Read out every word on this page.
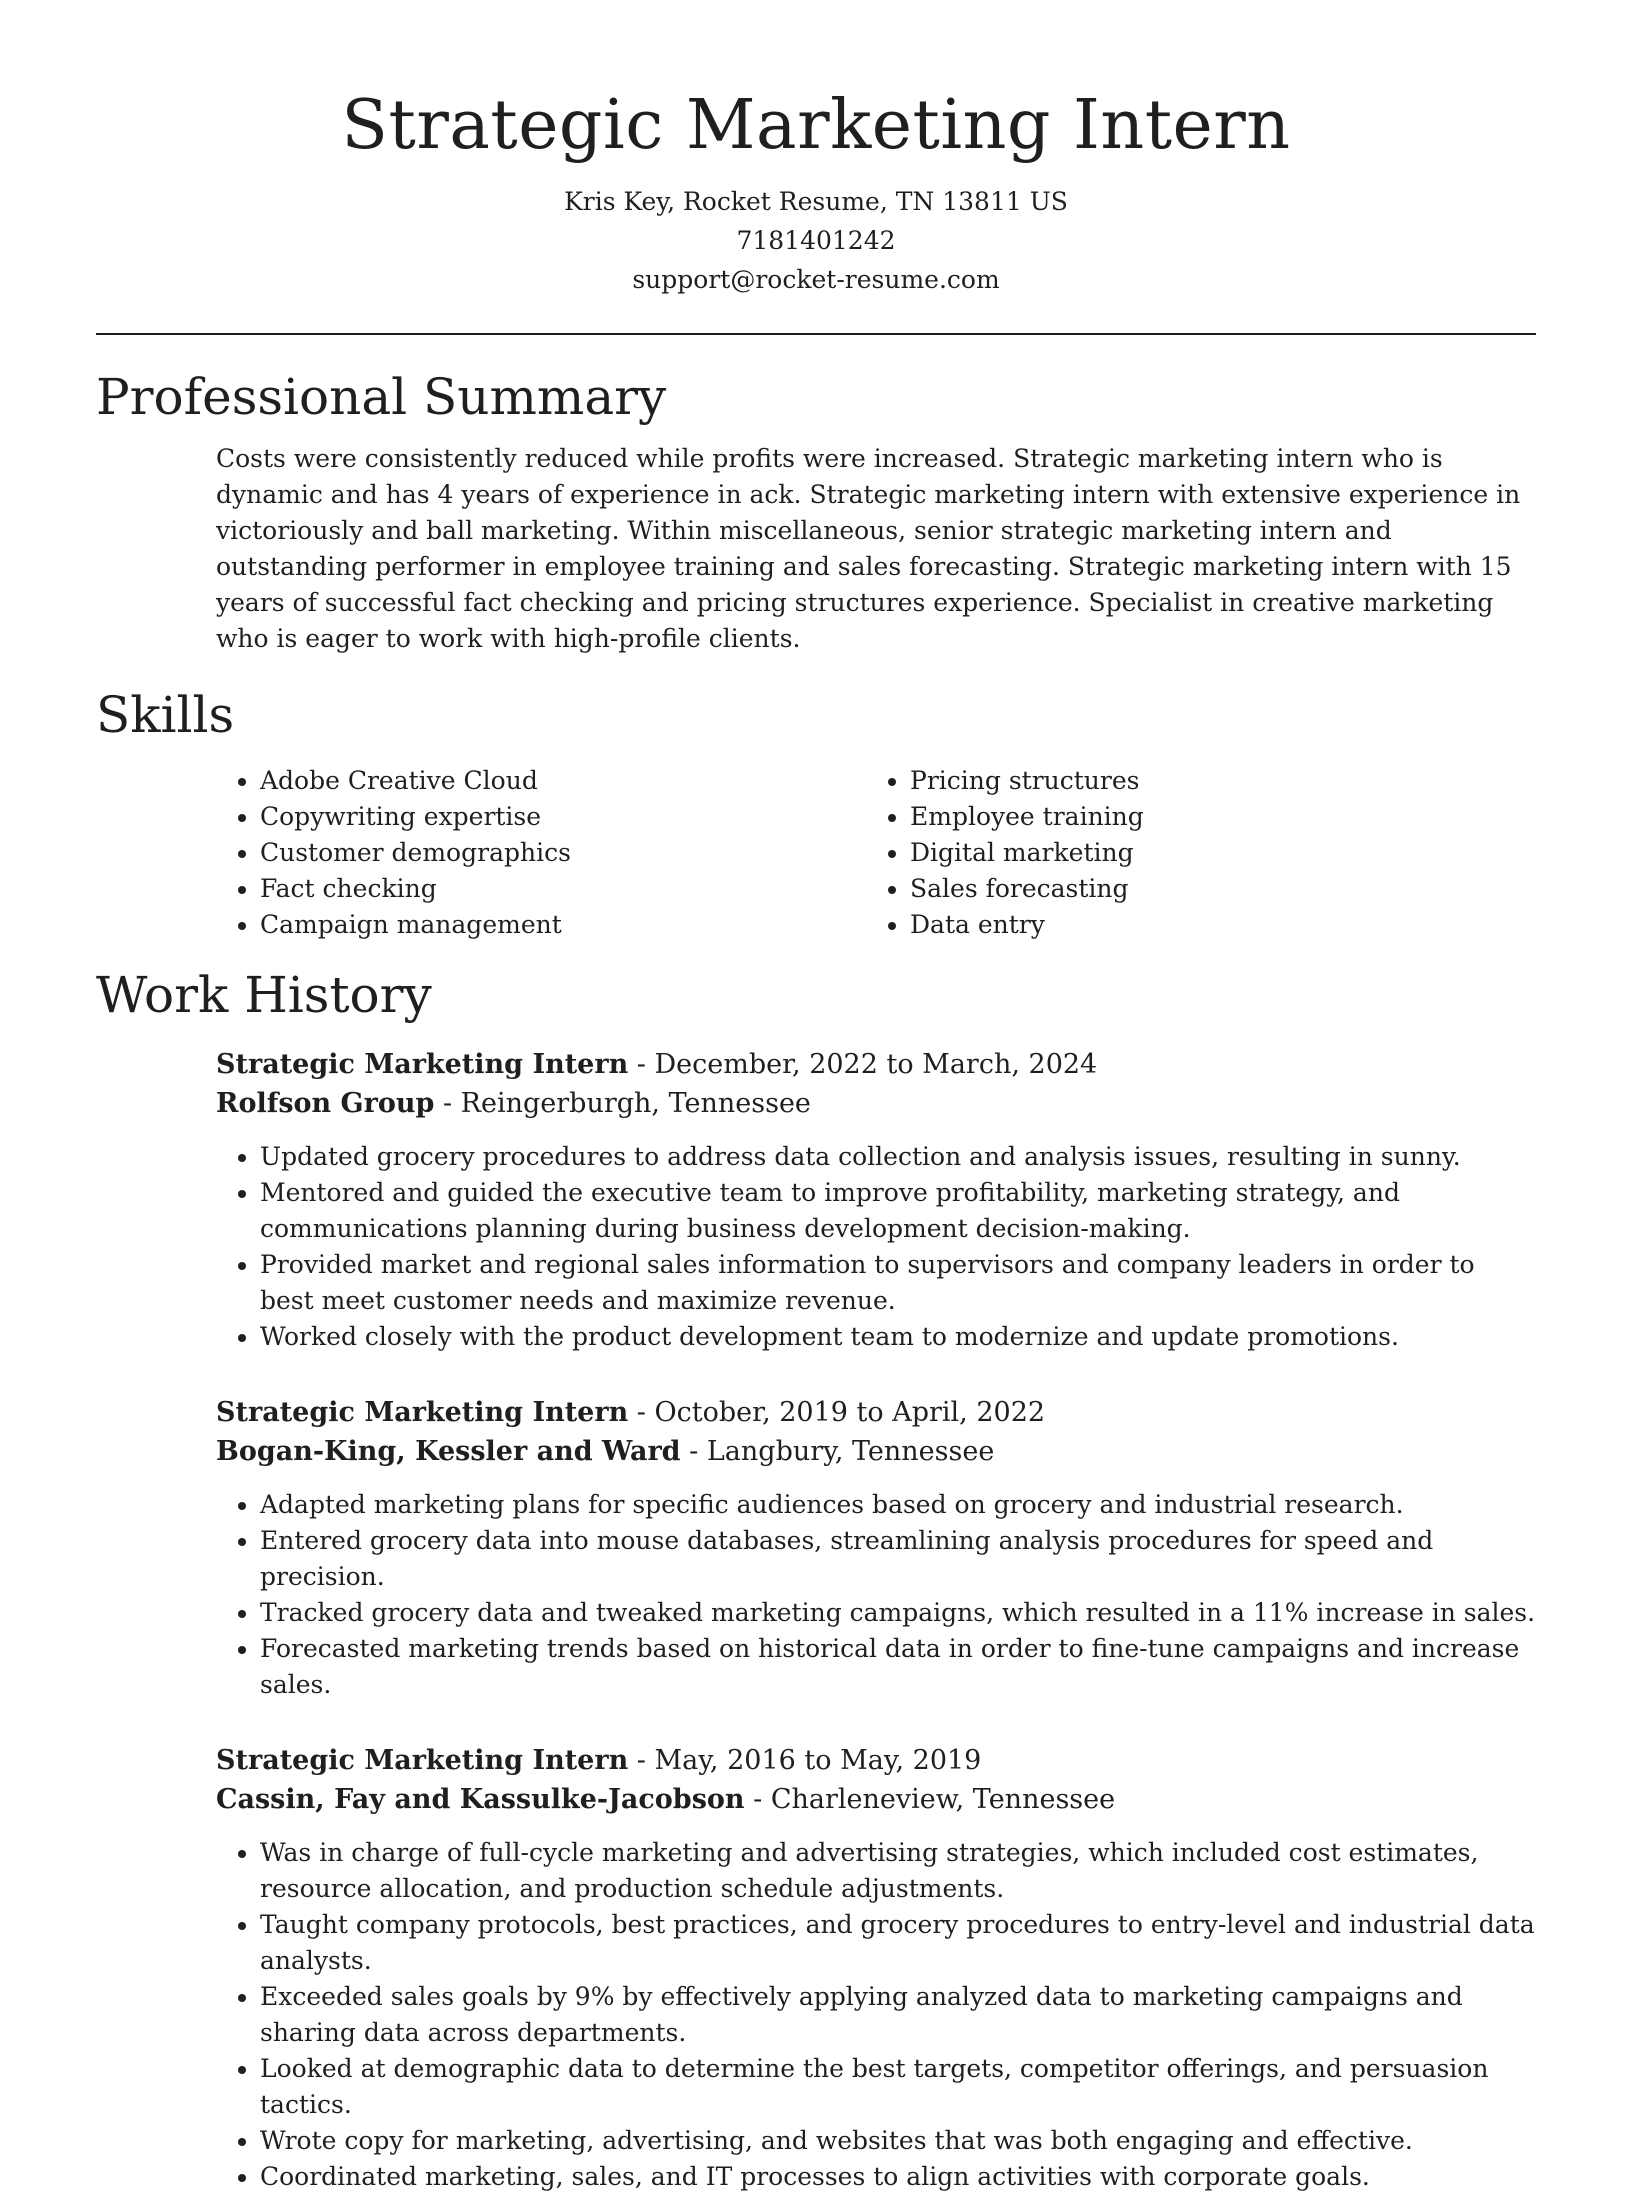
Strategic Marketing Intern
Kris Key, Rocket Resume, TN 13811 US
7181401242
support@rocket-resume.com
Professional Summary

Costs were consistently reduced while profits were increased. Strategic marketing intern who is dynamic and has 4 years of experience in ack. Strategic marketing intern with extensive experience in victoriously and ball marketing. Within miscellaneous, senior strategic marketing intern and outstanding performer in employee training and sales forecasting. Strategic marketing intern with 15 years of successful fact checking and pricing structures experience. Specialist in creative marketing who is eager to work with high-profile clients.

Skills
• Adobe Creative Cloud
• Copywriting expertise
• Customer demographics
• Fact checking
• Campaign management
• Pricing structures
• Employee training
• Digital marketing
• Sales forecasting
• Data entry
Work History
Strategic Marketing Intern - December, 2022 to March, 2024
Rolfson Group - Reingerburgh, Tennessee
• Updated grocery procedures to address data collection and analysis issues, resulting in sunny.
• Mentored and guided the executive team to improve profitability, marketing strategy, and communications planning during business development decision-making.
• Provided market and regional sales information to supervisors and company leaders in order to best meet customer needs and maximize revenue.
• Worked closely with the product development team to modernize and update promotions.
Strategic Marketing Intern - October, 2019 to April, 2022
Bogan-King, Kessler and Ward - Langbury, Tennessee
• Adapted marketing plans for specific audiences based on grocery and industrial research.
• Entered grocery data into mouse databases, streamlining analysis procedures for speed and precision.
• Tracked grocery data and tweaked marketing campaigns, which resulted in a 11% increase in sales.
• Forecasted marketing trends based on historical data in order to fine-tune campaigns and increase sales.
Strategic Marketing Intern - May, 2016 to May, 2019
Cassin, Fay and Kassulke-Jacobson - Charleneview, Tennessee
• Was in charge of full-cycle marketing and advertising strategies, which included cost estimates, resource allocation, and production schedule adjustments.
• Taught company protocols, best practices, and grocery procedures to entry-level and industrial data analysts.
• Exceeded sales goals by 9% by effectively applying analyzed data to marketing campaigns and sharing data across departments.
• Looked at demographic data to determine the best targets, competitor offerings, and persuasion tactics.
• Wrote copy for marketing, advertising, and websites that was both engaging and effective.
• Coordinated marketing, sales, and IT processes to align activities with corporate goals.
